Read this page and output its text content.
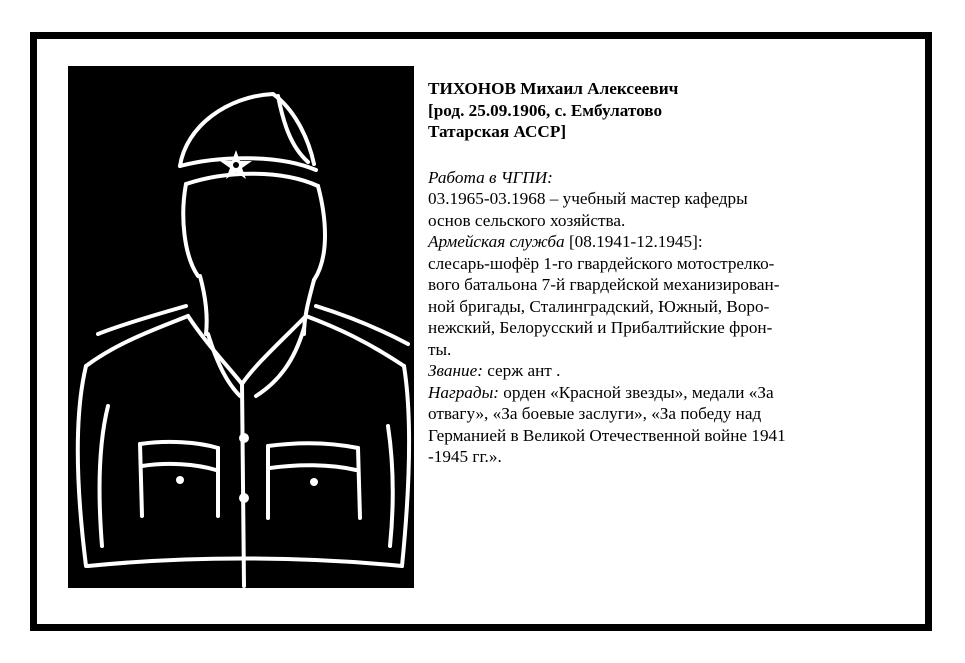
ТИХОНОВ Михаил Алексеевич
[род. 25.09.1906, с. Ембулатово
Татарская АССР]
Работа в ЧГПИ:
03.1965-03.1968 – учебный мастер кафедры
основ сельского хозяйства.
Армейская служба [08.1941-12.1945]:
слесарь-шофёр 1-го гвардейского мотострелко-
вого батальона 7-й гвардейской механизирован-
ной бригады, Сталинградский, Южный, Воро-
нежский, Белорусский и Прибалтийские фрон-
ты.
Звание: серж ант .
Награды: орден «Красной звезды», медали «За
отвагу», «За боевые заслуги», «За победу над
Германией в Великой Отечественной войне 1941
-1945 гг.».
